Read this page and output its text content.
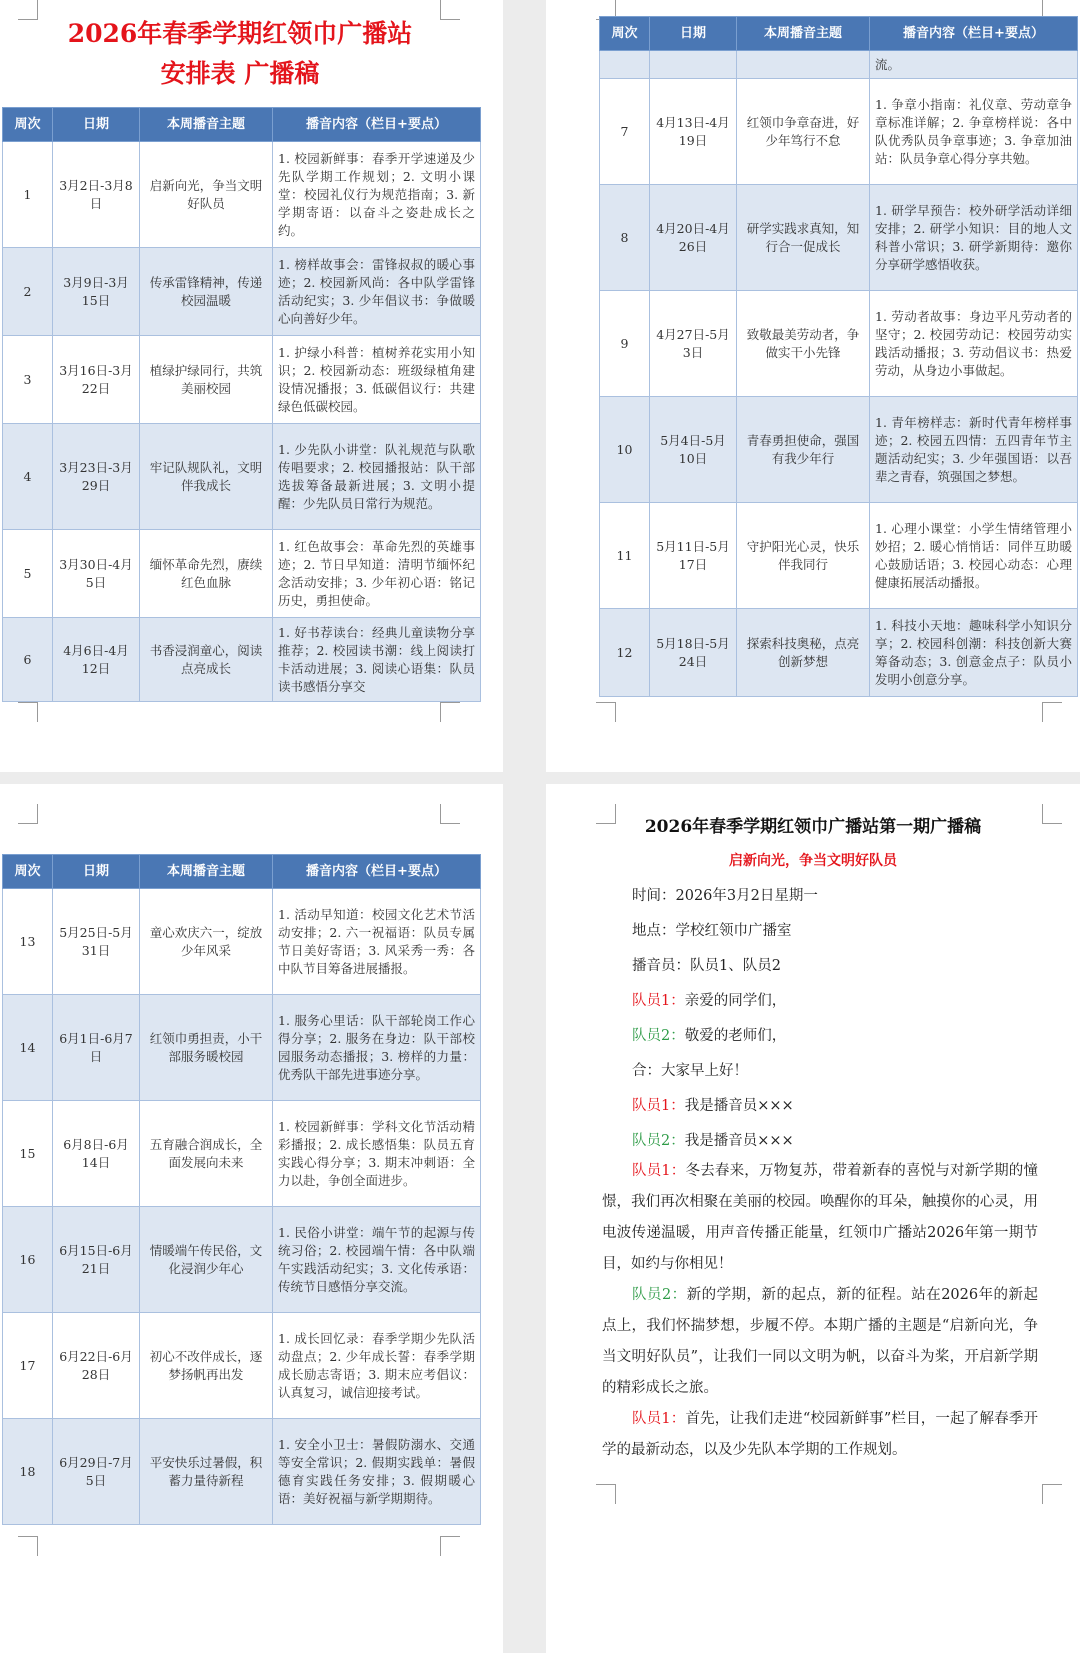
2026年春季学期红领巾广播站
安排表 广播稿
周次	日期	本周播音主题	播音内容（栏目+要点）
1	3月2日-3月8日	启新向光，争当文明好队员	1. 校园新鲜事：春季开学速递及少先队学期工作规划；2. 文明小课堂：校园礼仪行为规范指南；3. 新学期寄语：以奋斗之姿赴成长之约。
2	3月9日-3月15日	传承雷锋精神，传递校园温暖	1. 榜样故事会：雷锋叔叔的暖心事迹；2. 校园新风尚：各中队学雷锋活动纪实；3. 少年倡议书：争做暖心向善好少年。
3	3月16日-3月22日	植绿护绿同行，共筑美丽校园	1. 护绿小科普：植树养花实用小知识；2. 校园新动态：班级绿植角建设情况播报；3. 低碳倡议行：共建绿色低碳校园。
4	3月23日-3月29日	牢记队规队礼，文明伴我成长	1. 少先队小讲堂：队礼规范与队歌传唱要求；2. 校园播报站：队干部选拔筹备最新进展；3. 文明小提醒：少先队员日常行为规范。
5	3月30日-4月5日	缅怀革命先烈，赓续红色血脉	1. 红色故事会：革命先烈的英雄事迹；2. 节日早知道：清明节缅怀纪念活动安排；3. 少年初心语：铭记历史，勇担使命。
6	4月6日-4月12日	书香浸润童心，阅读点亮成长	1. 好书荐读台：经典儿童读物分享推荐；2. 校园读书潮：线上阅读打卡活动进展；3. 阅读心语集：队员读书感悟分享交
周次	日期	本周播音主题	播音内容（栏目+要点）
			流。
7	4月13日-4月19日	红领巾争章奋进，好少年笃行不怠	1. 争章小指南：礼仪章、劳动章争章标准详解；2. 争章榜样说：各中队优秀队员争章事迹；3. 争章加油站：队员争章心得分享共勉。
8	4月20日-4月26日	研学实践求真知，知行合一促成长	1. 研学早预告：校外研学活动详细安排；2. 研学小知识：目的地人文科普小常识；3. 研学新期待：邀你分享研学感悟收获。
9	4月27日-5月3日	致敬最美劳动者，争做实干小先锋	1. 劳动者故事：身边平凡劳动者的坚守；2. 校园劳动记：校园劳动实践活动播报；3. 劳动倡议书：热爱劳动，从身边小事做起。
10	5月4日-5月10日	青春勇担使命，强国有我少年行	1. 青年榜样志：新时代青年榜样事迹；2. 校园五四情：五四青年节主题活动纪实；3. 少年强国语：以吾辈之青春，筑强国之梦想。
11	5月11日-5月17日	守护阳光心灵，快乐伴我同行	1. 心理小课堂：小学生情绪管理小妙招；2. 暖心悄悄话：同伴互助暖心鼓励话语；3. 校园心动态：心理健康拓展活动播报。
12	5月18日-5月24日	探索科技奥秘，点亮创新梦想	1. 科技小天地：趣味科学小知识分享；2. 校园科创潮：科技创新大赛筹备动态；3. 创意金点子：队员小发明小创意分享。
周次	日期	本周播音主题	播音内容（栏目+要点）
13	5月25日-5月31日	童心欢庆六一，绽放少年风采	1. 活动早知道：校园文化艺术节活动安排；2. 六一祝福语：队员专属节日美好寄语；3. 风采秀一秀：各中队节目筹备进展播报。
14	6月1日-6月7日	红领巾勇担责，小干部服务暖校园	1. 服务心里话：队干部轮岗工作心得分享；2. 服务在身边：队干部校园服务动态播报；3. 榜样的力量：优秀队干部先进事迹分享。
15	6月8日-6月14日	五育融合润成长，全面发展向未来	1. 校园新鲜事：学科文化节活动精彩播报；2. 成长感悟集：队员五育实践心得分享；3. 期末冲刺语：全力以赴，争创全面进步。
16	6月15日-6月21日	情暖端午传民俗，文化浸润少年心	1. 民俗小讲堂：端午节的起源与传统习俗；2. 校园端午情：各中队端午实践活动纪实；3. 文化传承语：传统节日感悟分享交流。
17	6月22日-6月28日	初心不改伴成长，逐梦扬帆再出发	1. 成长回忆录：春季学期少先队活动盘点；2. 少年成长誓：春季学期成长励志寄语；3. 期末应考倡议：认真复习，诚信迎接考试。
18	6月29日-7月5日	平安快乐过暑假，积蓄力量待新程	1. 安全小卫士：暑假防溺水、交通等安全常识；2. 假期实践单：暑假德育实践任务安排；3. 假期暖心语：美好祝福与新学期期待。
2026年春季学期红领巾广播站第一期广播稿
启新向光，争当文明好队员
时间：2026年3月2日星期一
地点：学校红领巾广播室
播音员：队员1、队员2
队员1：亲爱的同学们，
队员2：敬爱的老师们，
合：大家早上好！
队员1：我是播音员×××
队员2：我是播音员×××
队员1：冬去春来，万物复苏，带着新春的喜悦与对新学期的憧憬，我们再次相聚在美丽的校园。唤醒你的耳朵，触摸你的心灵，用电波传递温暖，用声音传播正能量，红领巾广播站2026年第一期节目，如约与你相见！
队员2：新的学期，新的起点，新的征程。站在2026年的新起点上，我们怀揣梦想，步履不停。本期广播的主题是“启新向光，争当文明好队员”，让我们一同以文明为帆，以奋斗为桨，开启新学期的精彩成长之旅。
队员1：首先，让我们走进“校园新鲜事”栏目，一起了解春季开学的最新动态，以及少先队本学期的工作规划。
